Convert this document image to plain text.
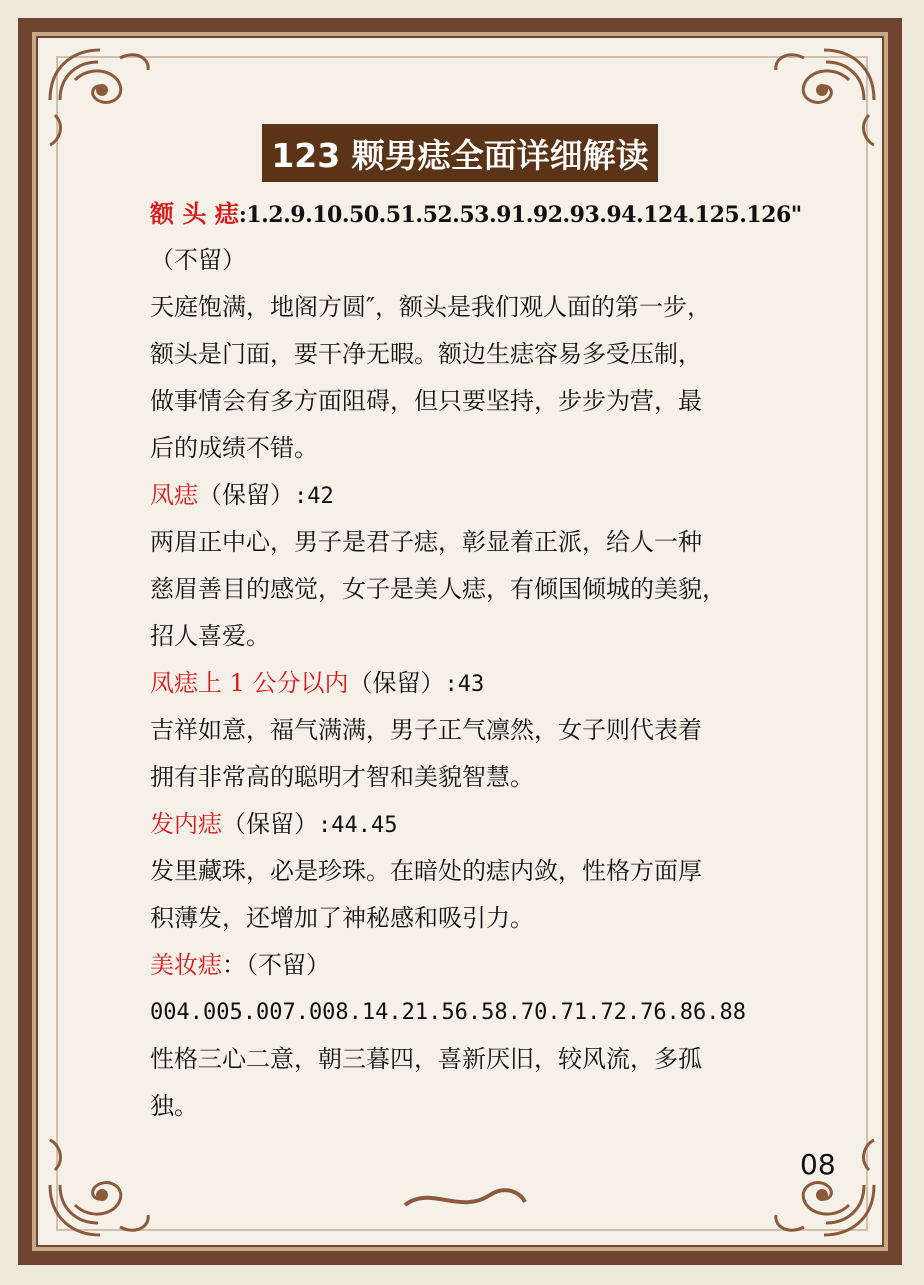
123 颗男痣全面详细解读
额 头 痣:1.2.9.10.50.51.52.53.91.92.93.94.124.125.126"
（不留）
天庭饱满，地阁方圆″，额头是我们观人面的第一步，
额头是门面，要干净无暇。额边生痣容易多受压制，
做事情会有多方面阻碍，但只要坚持，步步为营，最
后的成绩不错。
凤痣（保留）:42
两眉正中心，男子是君子痣，彰显着正派，给人一种
慈眉善目的感觉，女子是美人痣，有倾国倾城的美貌，
招人喜爱。
凤痣上 1 公分以内（保留）:43
吉祥如意，福气满满，男子正气凛然，女子则代表着
拥有非常高的聪明才智和美貌智慧。
发内痣（保留）:44.45
发里藏珠，必是珍珠。在暗处的痣内敛，性格方面厚
积薄发，还增加了神秘感和吸引力。
美妆痣：（不留）
004.005.007.008.14.21.56.58.70.71.72.76.86.88
性格三心二意，朝三暮四，喜新厌旧，较风流，多孤
独。
08
